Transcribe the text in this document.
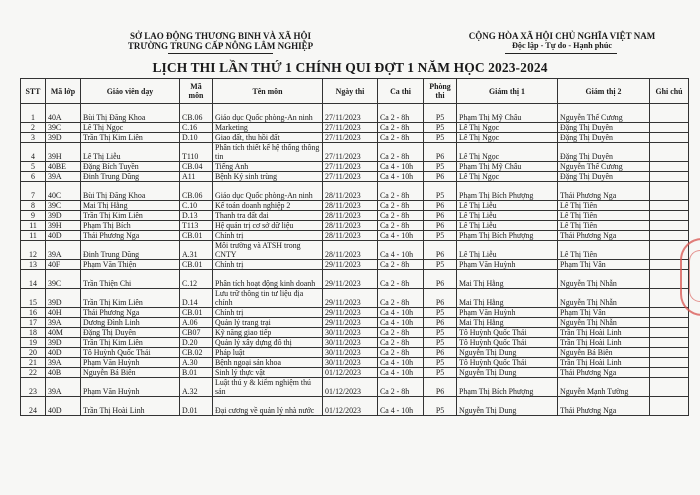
SỞ LAO ĐỘNG THƯƠNG BINH VÀ XÃ HỘI
TRƯỜNG TRUNG CẤP NÔNG LÂM NGHIỆP
CỘNG HÒA XÃ HỘI CHỦ NGHĨA VIỆT NAM
Độc lập - Tự do - Hạnh phúc
LỊCH THI LẦN THỨ 1 CHÍNH QUI ĐỢT 1 NĂM HỌC 2023-2024
STT	Mã lớp	Giáo viên dạy	Mã môn	Tên môn	Ngày thi	Ca thi	Phòng thi	Giám thị 1	Giám thị 2	Ghi chú
1	40A	Bùi Thị Đăng Khoa	CB.06	Giáo dục Quốc phòng-An ninh	27/11/2023	Ca 2 - 8h	P5	Phạm Thị Mỹ Châu	Nguyễn Thế Cương	
2	39C	Lê Thị Ngọc	C.16	Marketing	27/11/2023	Ca 2 - 8h	P5	Lê Thị Ngọc	Đặng Thị Duyên	
3	39D	Trần Thị Kim Liên	D.10	Giao đất, thu hồi đất	27/11/2023	Ca 2 - 8h	P5	Lê Thị Ngọc	Đặng Thị Duyên	
4	39H	Lê Thị Liễu	T110	Phân tích thiết kế hệ thống thông tin	27/11/2023	Ca 2 - 8h	P6	Lê Thị Ngọc	Đặng Thị Duyên	
5	40BE	Đặng Bích Tuyền	CB.04	Tiếng Anh	27/11/2023	Ca 4 - 10h	P5	Phạm Thị Mỹ Châu	Nguyễn Thế Cương	
6	39A	Đinh Trung Dũng	A11	Bệnh Ký sinh trùng	27/11/2023	Ca 4 - 10h	P6	Lê Thị Ngọc	Đặng Thị Duyên	
7	40C	Bùi Thị Đăng Khoa	CB.06	Giáo dục Quốc phòng-An ninh	28/11/2023	Ca 2 - 8h	P5	Phạm Thị Bích Phượng	Thái Phương Nga	
8	39C	Mai Thị Hằng	C.10	Kế toán doanh nghiệp 2	28/11/2023	Ca 2 - 8h	P6	Lê Thị Liễu	Lê Thị Tiên	
9	39D	Trần Thị Kim Liên	D.13	Thanh tra đất đai	28/11/2023	Ca 2 - 8h	P6	Lê Thị Liễu	Lê Thị Tiên	
11	39H	Phạm Thị Bích	T113	Hệ quản trị cơ sở dữ liệu	28/11/2023	Ca 2 - 8h	P6	Lê Thị Liễu	Lê Thị Tiên	
11	40D	Thái Phương Nga	CB.01	Chính trị	28/11/2023	Ca 4 - 10h	P5	Phạm Thị Bích Phượng	Thái Phương Nga	
12	39A	Đinh Trung Dũng	A.31	Môi trường và ATSH trong CNTY	28/11/2023	Ca 4 - 10h	P6	Lê Thị Liễu	Lê Thị Tiên	
13	40F	Phạm Văn Thiện	CB.01	Chính trị	29/11/2023	Ca 2 - 8h	P5	Phạm Văn Huỳnh	Phạm Thị Vân	
14	39C	Trần Thiện Chi	C.12	Phân tích hoạt động kinh doanh	29/11/2023	Ca 2 - 8h	P6	Mai Thị Hằng	Nguyễn Thị Nhẫn	
15	39D	Trần Thị Kim Liên	D.14	Lưu trữ thông tin tư liệu địa chính	29/11/2023	Ca 2 - 8h	P6	Mai Thị Hằng	Nguyễn Thị Nhẫn	
16	40H	Thái Phương Nga	CB.01	Chính trị	29/11/2023	Ca 4 - 10h	P5	Phạm Văn Huỳnh	Phạm Thị Vân	
17	39A	Dương Đình Linh	A.06	Quản lý trang trại	29/11/2023	Ca 4 - 10h	P6	Mai Thị Hằng	Nguyễn Thị Nhẫn	
18	40M	Đặng Thị Duyên	CB07	Kỹ năng giao tiếp	30/11/2023	Ca 2 - 8h	P5	Tô Huỳnh Quốc Thái	Trần Thị Hoài Linh	
19	39D	Trần Thị Kim Liên	D.20	Quản lý xây dựng đô thị	30/11/2023	Ca 2 - 8h	P5	Tô Huỳnh Quốc Thái	Trần Thị Hoài Linh	
20	40D	Tô Huỳnh Quốc Thái	CB.02	Pháp luật	30/11/2023	Ca 2 - 8h	P6	Nguyễn Thị Dung	Nguyễn Bá Biên	
21	39A	Phạm Văn Huỳnh	A.30	Bệnh ngoại sản khoa	30/11/2023	Ca 4 - 10h	P5	Tô Huỳnh Quốc Thái	Trần Thị Hoài Linh	
22	40B	Nguyễn Bá Biên	B.01	Sinh lý thực vật	01/12/2023	Ca 4 - 10h	P5	Nguyễn Thị Dung	Thái Phương Nga	
23	39A	Phạm Văn Huỳnh	A.32	Luật thú y & kiểm nghiệm thú sản	01/12/2023	Ca 2 - 8h	P6	Phạm Thị Bích Phượng	Nguyễn Mạnh Tường	
24	40D	Trần Thị Hoài Linh	D.01	Đại cương về quản lý nhà nước	01/12/2023	Ca 4 - 10h	P5	Nguyễn Thị Dung	Thái Phương Nga	
